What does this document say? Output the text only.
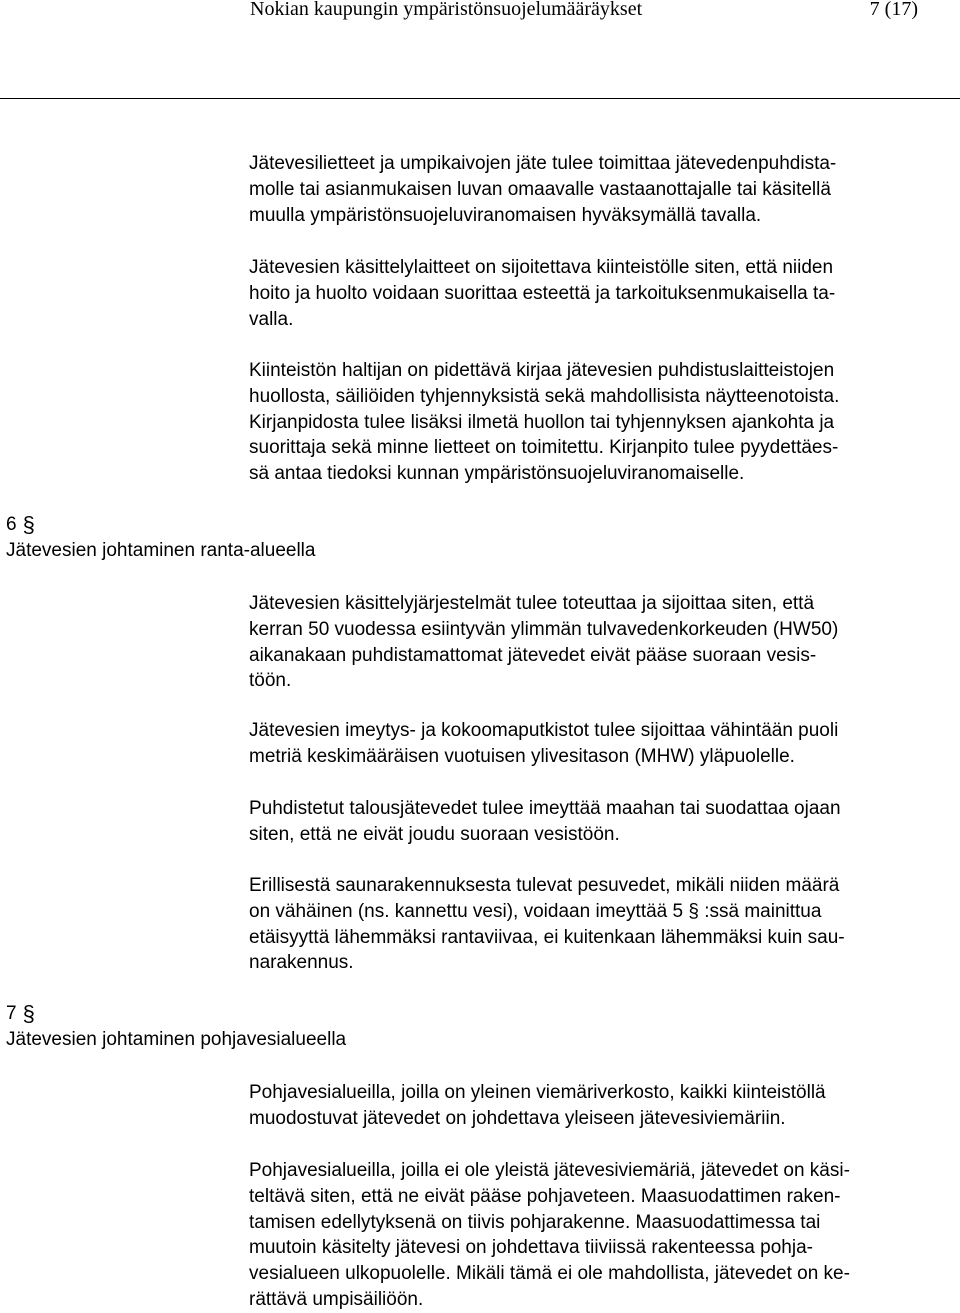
Nokian kaupungin ympäristönsuojelumääräykset	7 (17)

Jätevesilietteet ja umpikaivojen jäte tulee toimittaa jätevedenpuhdista-
molle tai asianmukaisen luvan omaavalle vastaanottajalle tai käsitellä
muulla ympäristönsuojeluviranomaisen hyväksymällä tavalla.

Jätevesien käsittelylaitteet on sijoitettava kiinteistölle siten, että niiden
hoito ja huolto voidaan suorittaa esteettä ja tarkoituksenmukaisella ta-
valla.

Kiinteistön haltijan on pidettävä kirjaa jätevesien puhdistuslaitteistojen
huollosta, säiliöiden tyhjennyksistä sekä mahdollisista näytteenotoista.
Kirjanpidosta tulee lisäksi ilmetä huollon tai tyhjennyksen ajankohta ja
suorittaja sekä minne lietteet on toimitettu. Kirjanpito tulee pyydettäes-
sä antaa tiedoksi kunnan ympäristönsuojeluviranomaiselle.

6 §
Jätevesien johtaminen ranta-alueella

Jätevesien käsittelyjärjestelmät tulee toteuttaa ja sijoittaa siten, että
kerran 50 vuodessa esiintyvän ylimmän tulvavedenkorkeuden (HW50)
aikanakaan puhdistamattomat jätevedet eivät pääse suoraan vesis-
töön.

Jätevesien imeytys- ja kokoomaputkistot tulee sijoittaa vähintään puoli
metriä keskimääräisen vuotuisen ylivesitason (MHW) yläpuolelle.

Puhdistetut talousjätevedet tulee imeyttää maahan tai suodattaa ojaan
siten, että ne eivät joudu suoraan vesistöön.

Erillisestä saunarakennuksesta tulevat pesuvedet, mikäli niiden määrä
on vähäinen (ns. kannettu vesi), voidaan imeyttää 5 § :ssä mainittua
etäisyyttä lähemmäksi rantaviivaa, ei kuitenkaan lähemmäksi kuin sau-
narakennus.

7 §
Jätevesien johtaminen pohjavesialueella

Pohjavesialueilla, joilla on yleinen viemäriverkosto, kaikki kiinteistöllä
muodostuvat jätevedet on johdettava yleiseen jätevesiviemäriin.

Pohjavesialueilla, joilla ei ole yleistä jätevesiviemäriä, jätevedet on käsi-
teltävä siten, että ne eivät pääse pohjaveteen. Maasuodattimen raken-
tamisen edellytyksenä on tiivis pohjarakenne. Maasuodattimessa tai
muutoin käsitelty jätevesi on johdettava tiiviissä rakenteessa pohja-
vesialueen ulkopuolelle. Mikäli tämä ei ole mahdollista, jätevedet on ke-
rättävä umpisäiliöön.
